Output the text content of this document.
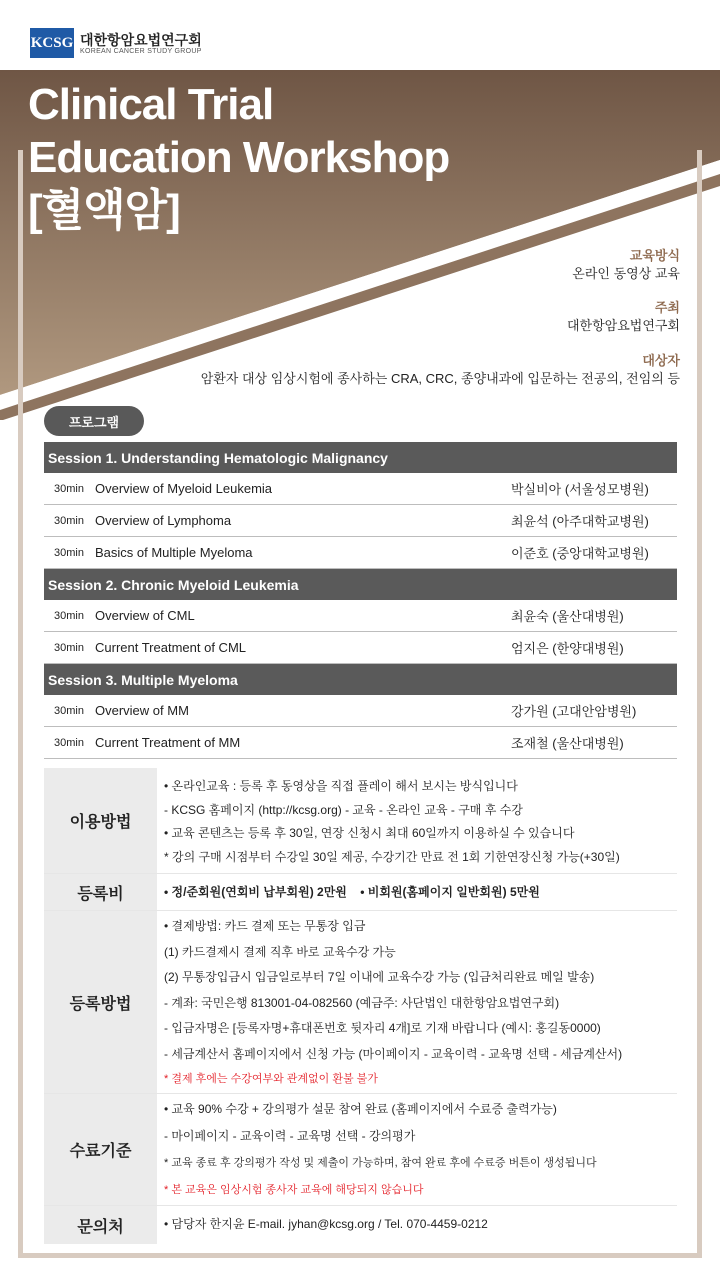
KCSG 대한항암요법연구회
KOREAN CANCER STUDY GROUP
Clinical Trial
Education Workshop
[혈액암]
교육방식
온라인 동영상 교육
주최
대한항암요법연구회
대상자
암환자 대상 임상시험에 종사하는 CRA, CRC, 종양내과에 입문하는 전공의, 전임의 등
프로그램
Session 1. Understanding Hematologic Malignancy
30min Overview of Myeloid Leukemia	박실비아 (서울성모병원)
30min Overview of Lymphoma	최윤석 (아주대학교병원)
30min Basics of Multiple Myeloma	이준호 (중앙대학교병원)
Session 2. Chronic Myeloid Leukemia
30min Overview of CML	최윤숙 (울산대병원)
30min Current Treatment of CML	엄지은 (한양대병원)
Session 3. Multiple Myeloma
30min Overview of MM	강가원 (고대안암병원)
30min Current Treatment of MM	조재철 (울산대병원)
이용방법
• 온라인교육 : 등록 후 동영상을 직접 플레이 해서 보시는 방식입니다
- KCSG 홈페이지 (http://kcsg.org) - 교육 - 온라인 교육 - 구매 후 수강
• 교육 콘텐츠는 등록 후 30일, 연장 신청시 최대 60일까지 이용하실 수 있습니다
* 강의 구매 시점부터 수강일 30일 제공, 수강기간 만료 전 1회 기한연장신청 가능(+30일)
등록비	• 정/준회원(연회비 납부회원) 2만원    • 비회원(홈페이지 일반회원) 5만원
등록방법
• 결제방법: 카드 결제 또는 무통장 입금
(1) 카드결제시 결제 직후 바로 교육수강 가능
(2) 무통장입금시 입금일로부터 7일 이내에 교육수강 가능 (입금처리완료 메일 발송)
- 계좌: 국민은행 813001-04-082560 (예금주: 사단법인 대한항암요법연구회)
- 입금자명은 [등록자명+휴대폰번호 뒷자리 4개]로 기재 바랍니다 (예시: 홍길동0000)
- 세금계산서 홈페이지에서 신청 가능 (마이페이지 - 교육이력 - 교육명 선택 - 세금계산서)
* 결제 후에는 수강여부와 관계없이 환불 불가
수료기준
• 교육 90% 수강 + 강의평가 설문 참여 완료 (홈페이지에서 수료증 출력가능)
- 마이페이지 - 교육이력 - 교육명 선택 - 강의평가
* 교육 종료 후 강의평가 작성 및 제출이 가능하며, 참여 완료 후에 수료증 버튼이 생성됩니다
* 본 교육은 임상시험 종사자 교육에 해당되지 않습니다
문의처	• 담당자 한지윤 E-mail. jyhan@kcsg.org / Tel. 070-4459-0212
